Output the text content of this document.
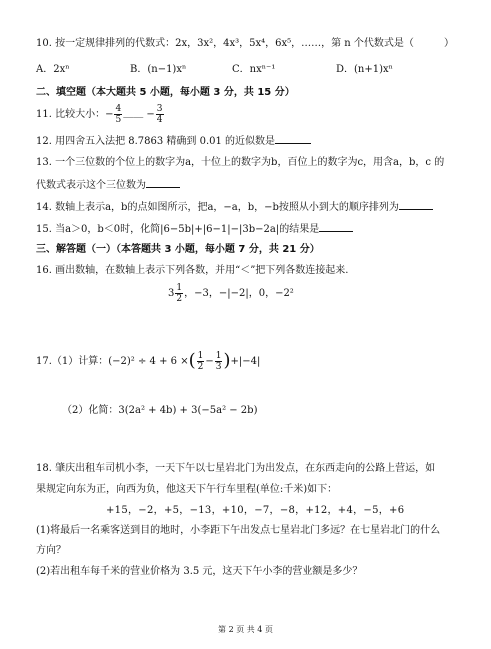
10. 按一定规律排列的代数式：2x，3x²，4x³，5x⁴，6x⁵，……，第 n 个代数式是（	）
A．2xⁿ	B．(n−1)xⁿ	C．nxⁿ⁻¹	D．(n+1)xⁿ
二、填空题（本大题共 5 小题，每小题 3 分，共 15 分）
11. 比较大小：− $\frac{4}{5}$ ＿＿ − $\frac{3}{4}$
12. 用四舍五入法把 8.7863 精确到 0.01 的近似数是
13. 一个三位数的个位上的数字为a，十位上的数字为b，百位上的数字为c，用含a，b，c 的
代数式表示这个三位数为
14. 数轴上表示a，b的点如图所示，把a，−a，b，−b按照从小到大的顺序排列为
15. 当a＞0，b＜0时，化简|6−5b|+|6−1|−|3b−2a|的结果是
三、解答题（一）（本答题共 3 小题，每小题 7 分，共 21 分）
16. 画出数轴，在数轴上表示下列各数，并用“＜”把下列各数连接起来.
$3 \frac{1}{2}$ ，−3，−|−2|，0，−2²
17.（1）计算：(−2)² ÷ 4 + 6 ×( $\frac{1}{2} - \frac{1}{3} )+|-4|$
（2）化简：3(2a² + 4b) + 3(−5a² − 2b)
18. 肇庆出租车司机小李，一天下午以七星岩北门为出发点，在东西走向的公路上营运，如
果规定向东为正，向西为负，他这天下午行车里程(单位:千米)如下：
+15，−2，+5，−13，+10，−7，−8，+12，+4，−5，+6
(1)将最后一名乘客送到目的地时，小李距下午出发点七星岩北门多远？在七星岩北门的什么
方向？
(2)若出租车每千米的营业价格为 3.5 元，这天下午小李的营业额是多少？
第 2 页 共 4 页
